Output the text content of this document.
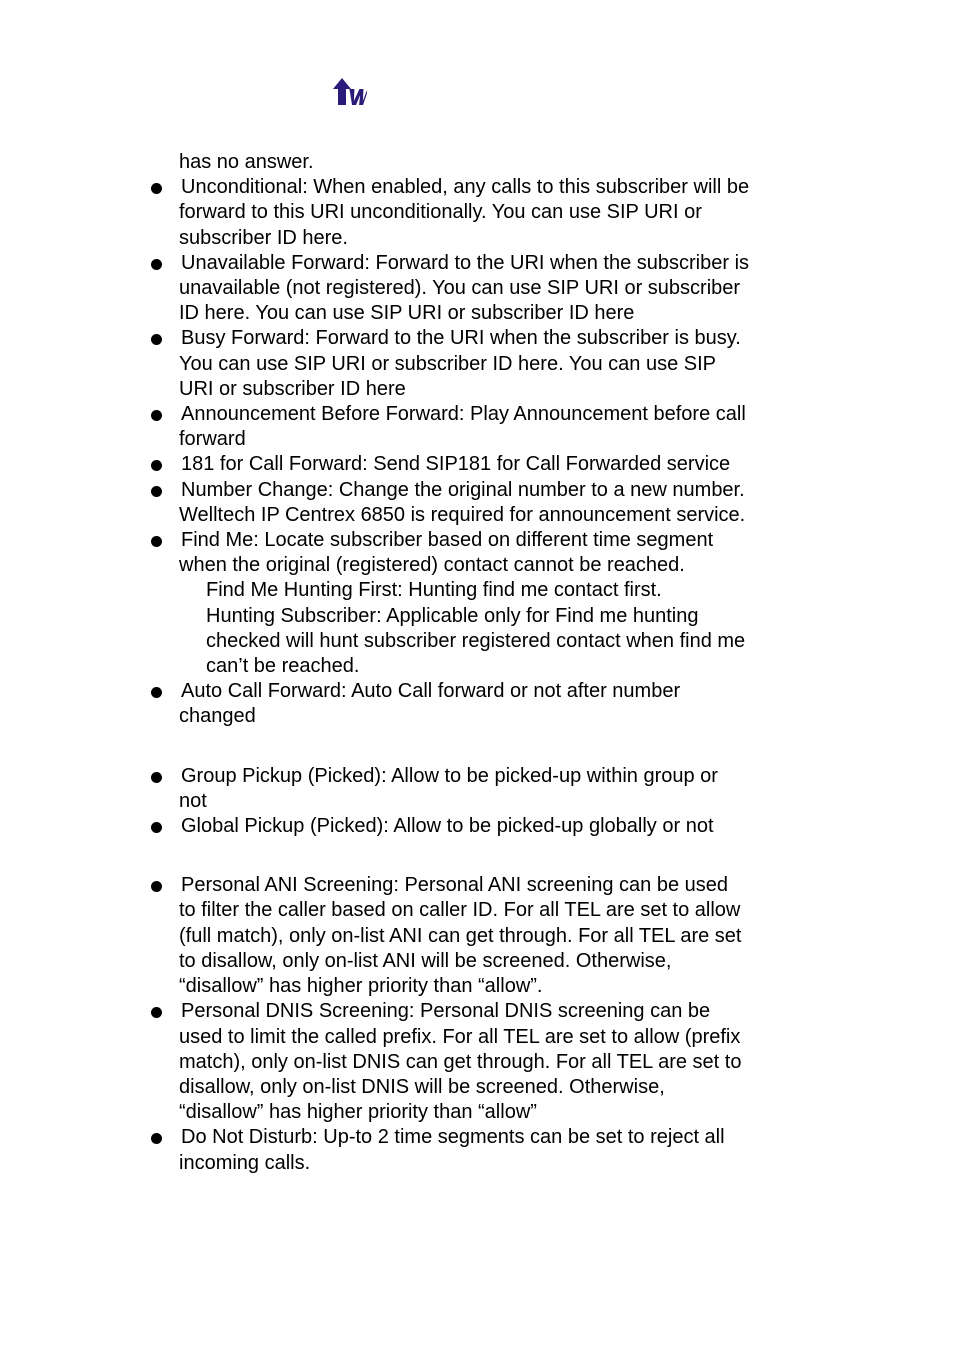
has no answer.
Unconditional: When enabled, any calls to this subscriber will be
forward to this URI unconditionally. You can use SIP URI or
subscriber ID here.
Unavailable Forward: Forward to the URI when the subscriber is
unavailable (not registered). You can use SIP URI or subscriber
ID here. You can use SIP URI or subscriber ID here
Busy Forward: Forward to the URI when the subscriber is busy.
You can use SIP URI or subscriber ID here. You can use SIP
URI or subscriber ID here
Announcement Before Forward: Play Announcement before call
forward
181 for Call Forward: Send SIP181 for Call Forwarded service
Number Change: Change the original number to a new number.
Welltech IP Centrex 6850 is required for announcement service.
Find Me: Locate subscriber based on different time segment
when the original (registered) contact cannot be reached.
Find Me Hunting First: Hunting find me contact first.
Hunting Subscriber: Applicable only for Find me hunting
checked will hunt subscriber registered contact when find me
can’t be reached.
Auto Call Forward: Auto Call forward or not after number
changed
Group Pickup (Picked): Allow to be picked-up within group or
not
Global Pickup (Picked): Allow to be picked-up globally or not
Personal ANI Screening: Personal ANI screening can be used
to filter the caller based on caller ID. For all TEL are set to allow
(full match), only on-list ANI can get through. For all TEL are set
to disallow, only on-list ANI will be screened. Otherwise,
“disallow” has higher priority than “allow”.
Personal DNIS Screening: Personal DNIS screening can be
used to limit the called prefix. For all TEL are set to allow (prefix
match), only on-list DNIS can get through. For all TEL are set to
disallow, only on-list DNIS will be screened. Otherwise,
“disallow” has higher priority than “allow”
Do Not Disturb: Up-to 2 time segments can be set to reject all
incoming calls.
